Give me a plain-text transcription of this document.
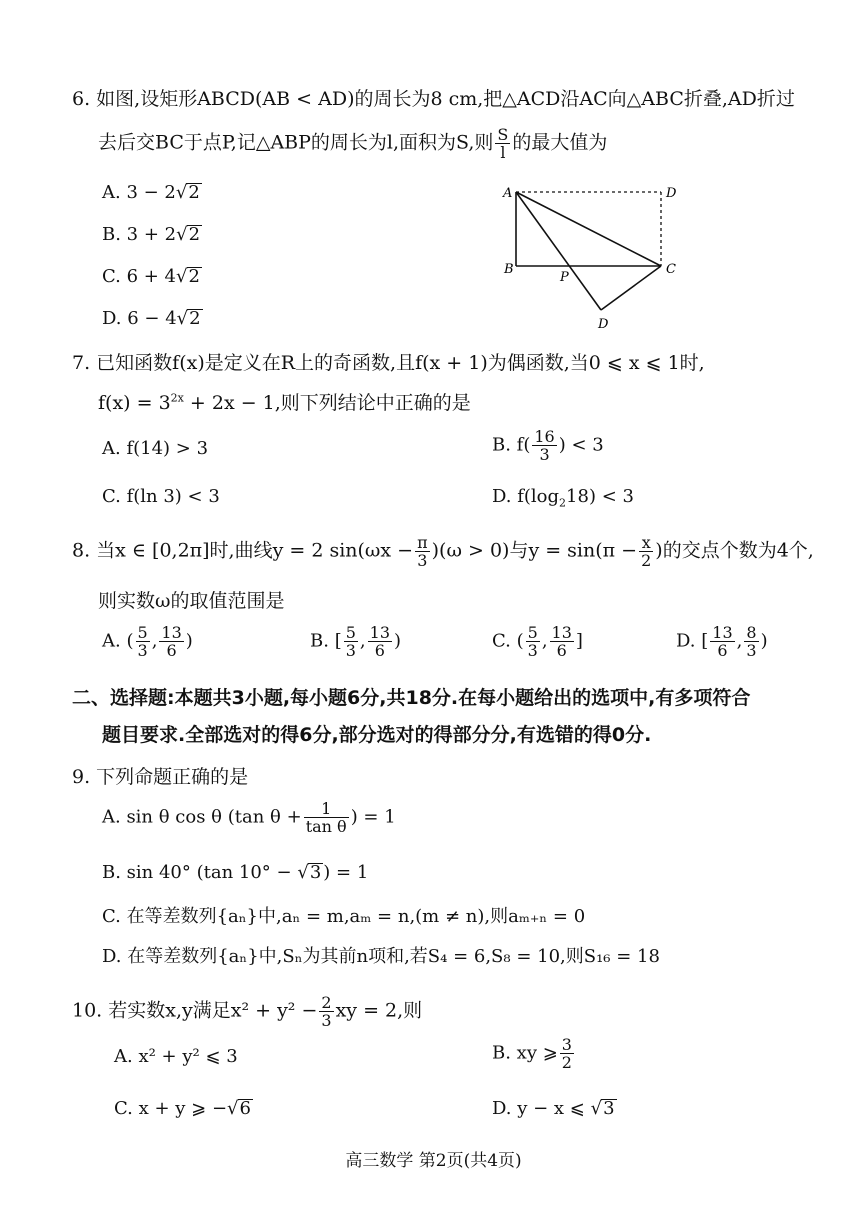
6. 如图,设矩形ABCD(AB < AD)的周长为8 cm,把△ACD沿AC向△ABC折叠,AD折过
去后交BC于点P,记△ABP的周长为l,面积为S,则 $\frac{S}{l}$ 的最大值为
A. 3 − 2√2
B. 3 + 2√2
C. 6 + 4√2
D. 6 − 4√2
A
B	C
D
D
P
7. 已知函数f(x)是定义在R上的奇函数,且f(x + 1)为偶函数,当0 ⩽ x ⩽ 1时,
$f(x) = 3^{2x} + 2x - 1$,则下列结论中正确的是
A. f(14) > 3	B. $f( \frac{16}{3}$ ) < 3
C. f(ln 3) < 3	D. $f(\log_218) < 3$
8. 当x ∈ [0,2π]时,曲线y = 2 $\sin(\omega x - \frac{\pi}{3} )(\omega > 0)$与$y = \sin(\pi - \frac{x}{2}$ )的交点个数为4个,
则实数ω的取值范围是
A. ( $\frac{5}{3}$ , $\frac{13}{6}$ )	B. [ $\frac{5}{3}$ , $\frac{13}{6}$ )	C. ( $\frac{5}{3}$ , $\frac{13}{6}$ ]	D. [ $\frac{13}{6}$ , $\frac{8}{3}$ )
二、选择题:本题共3小题,每小题6分,共18分.在每小题给出的选项中,有多项符合
题目要求.全部选对的得6分,部分选对的得部分分,有选错的得0分.
9. 下列命题正确的是
A. sin θ cos θ (tan $\theta + \frac{1}{\text{tan θ}}$ ) = 1
B. sin 40° (tan 10° − √3 ) = 1
C. 在等差数列{aₙ}中,aₙ = m,aₘ = n,(m ≠ n),则aₘ₊ₙ = 0
D. 在等差数列{aₙ}中,Sₙ为其前n项和,若S₄ = 6,S₈ = 10,则S₁₆ = 18
10. 若实数x,y满足$x^2 + y^2 - \frac{2}{3}$ xy = 2,则
A. x² + y² ⩽ 3	B. xy ⩾ $\frac{3}{2}$
C. x + y ⩾ −√6	D. y − x ⩽ √3
高三数学 第2页(共4页)
